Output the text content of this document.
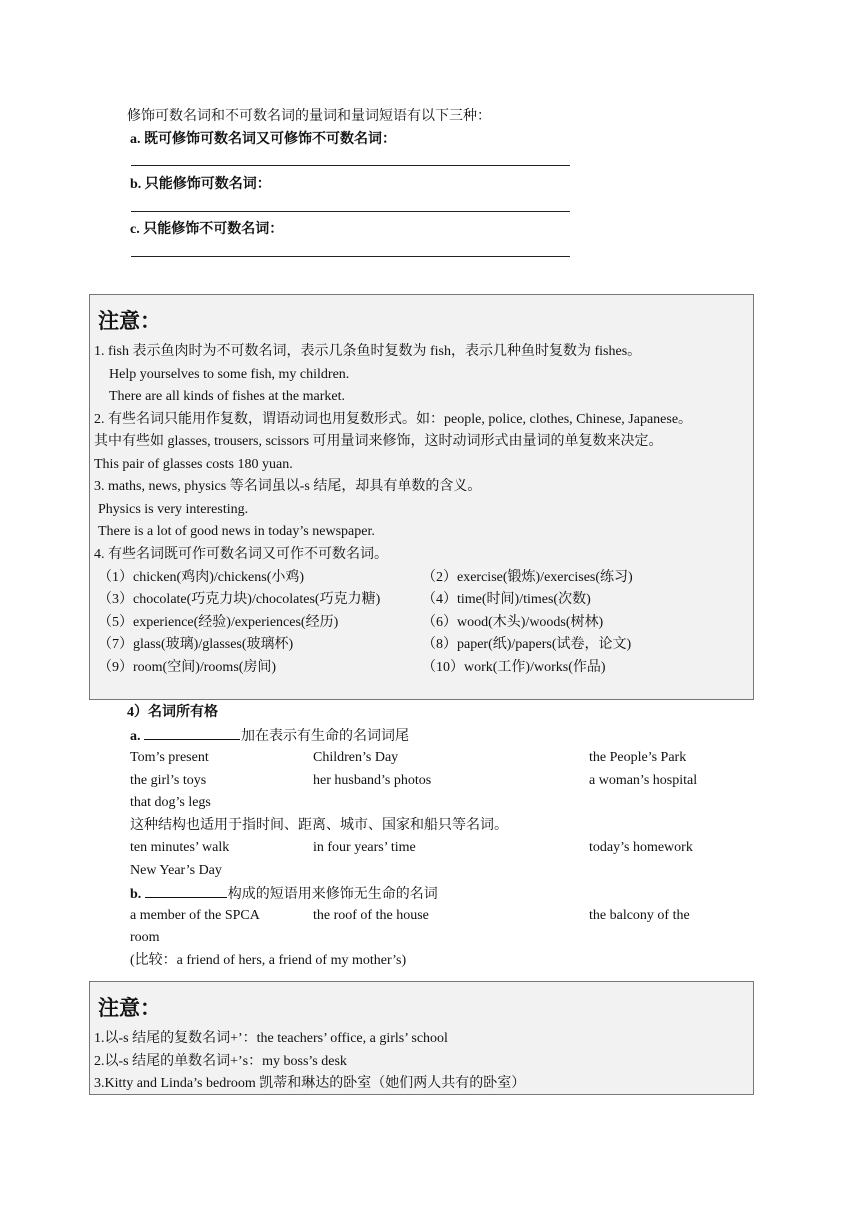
修饰可数名词和不可数名词的量词和量词短语有以下三种：
a. 既可修饰可数名词又可修饰不可数名词：
b. 只能修饰可数名词：
c. 只能修饰不可数名词：
注意：
1. fish 表示鱼肉时为不可数名词，表示几条鱼时复数为 fish，表示几种鱼时复数为 fishes。
Help yourselves to some fish, my children.
There are all kinds of fishes at the market.
2. 有些名词只能用作复数，谓语动词也用复数形式。如：people, police, clothes, Chinese, Japanese。
其中有些如 glasses, trousers, scissors 可用量词来修饰，这时动词形式由量词的单复数来决定。
This pair of glasses costs 180 yuan.
3. maths, news, physics 等名词虽以-s 结尾，却具有单数的含义。
Physics is very interesting.
There is a lot of good news in today’s newspaper.
4. 有些名词既可作可数名词又可作不可数名词。
（1）chicken(鸡肉)/chickens(小鸡)	（2）exercise(锻炼)/exercises(练习)
（3）chocolate(巧克力块)/chocolates(巧克力糖)	（4）time(时间)/times(次数)
（5）experience(经验)/experiences(经历)	（6）wood(木头)/woods(树林)
（7）glass(玻璃)/glasses(玻璃杯)	（8）paper(纸)/papers(试卷，论文)
（9）room(空间)/rooms(房间)	（10）work(工作)/works(作品)
4）名词所有格
a.	加在表示有生命的名词词尾
Tom’s present	Children’s Day	the People’s Park
the girl’s toys	her husband’s photos	a woman’s hospital
that dog’s legs
这种结构也适用于指时间、距离、城市、国家和船只等名词。
ten minutes’ walk	in four years’ time	today’s homework
New Year’s Day
b.	构成的短语用来修饰无生命的名词
a member of the SPCA	the roof of the house	the balcony of the
room
(比较：a friend of hers, a friend of my mother’s)
注意：
1.以-s 结尾的复数名词+’：the teachers’ office, a girls’ school
2.以-s 结尾的单数名词+’s：my boss’s desk
3.Kitty and Linda’s bedroom 凯蒂和琳达的卧室（她们两人共有的卧室）
